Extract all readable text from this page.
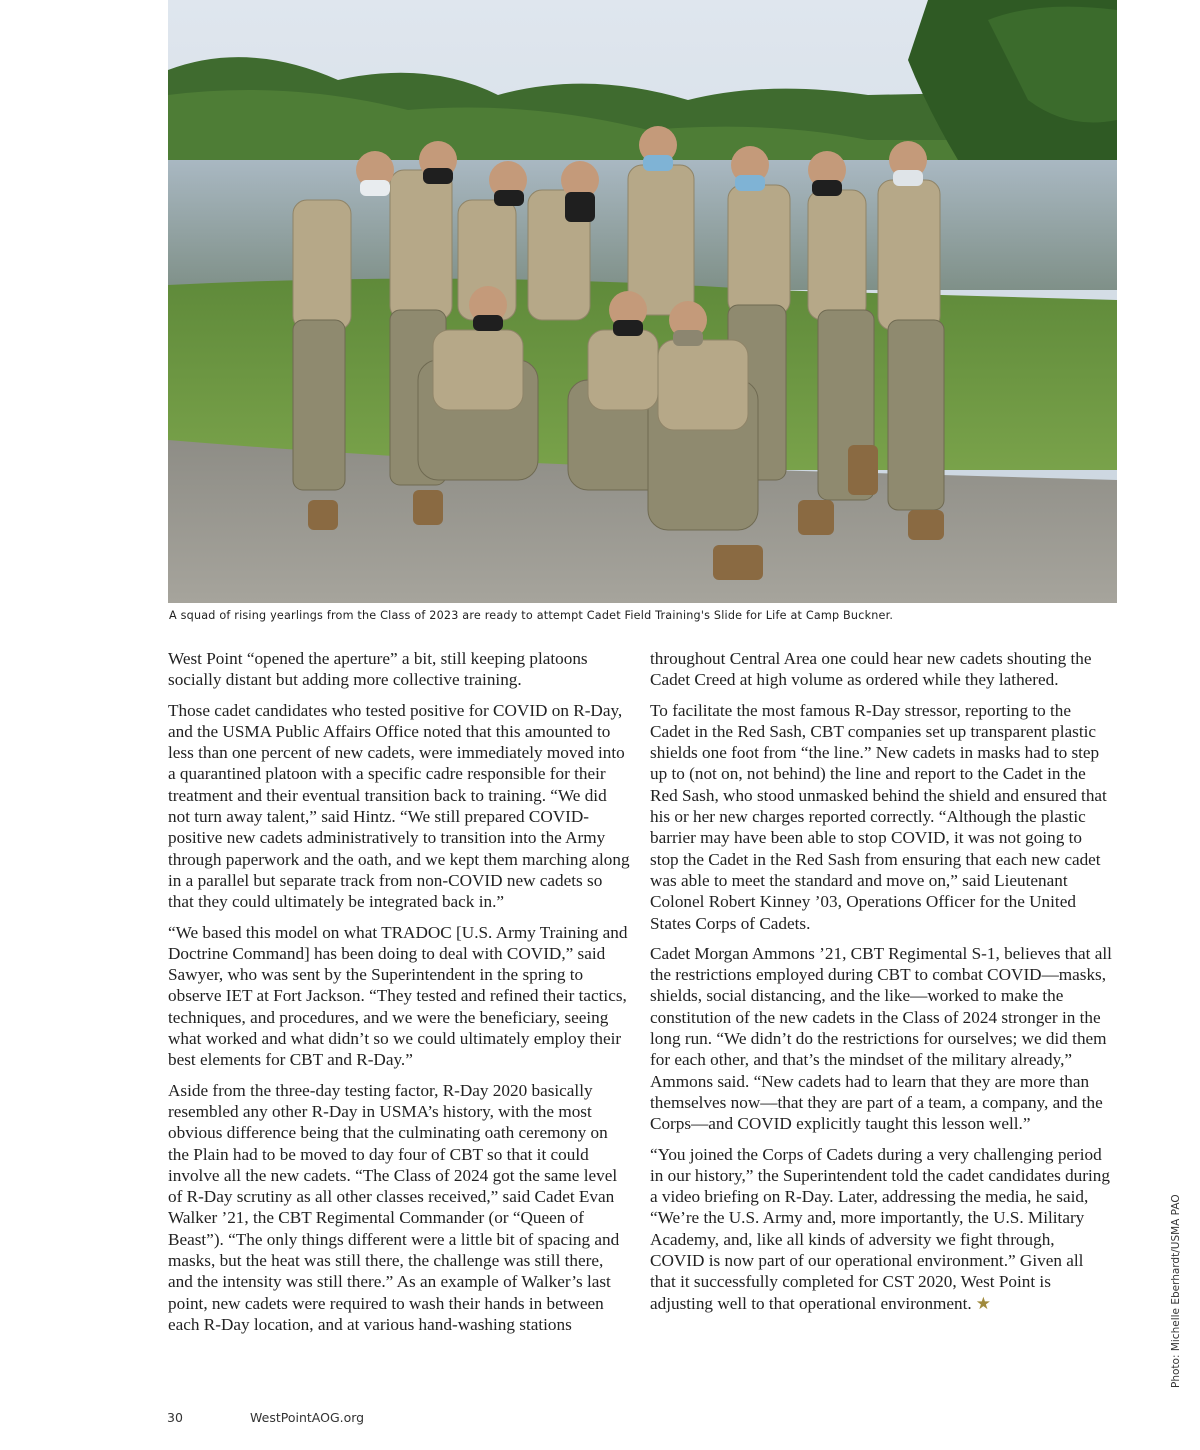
A squad of rising yearlings from the Class of 2023 are ready to attempt Cadet Field Training's Slide for Life at Camp Buckner.

West Point “opened the aperture” a bit, still keeping platoons socially distant but adding more collective training.

Those cadet candidates who tested positive for COVID on R-Day, and the USMA Public Affairs Office noted that this amounted to less than one percent of new cadets, were immediately moved into a quarantined platoon with a specific cadre responsible for their treatment and their eventual transition back to training. “We did not turn away talent,” said Hintz. “We still prepared COVID-positive new cadets administratively to transition into the Army through paperwork and the oath, and we kept them marching along in a parallel but separate track from non-COVID new cadets so that they could ultimately be integrated back in.”

“We based this model on what TRADOC [U.S. Army Training and Doctrine Command] has been doing to deal with COVID,” said Sawyer, who was sent by the Superintendent in the spring to observe IET at Fort Jackson. “They tested and refined their tactics, techniques, and procedures, and we were the beneficiary, seeing what worked and what didn’t so we could ultimately employ their best elements for CBT and R-Day.”

Aside from the three-day testing factor, R-Day 2020 basically resembled any other R-Day in USMA’s history, with the most obvious difference being that the culminating oath ceremony on the Plain had to be moved to day four of CBT so that it could involve all the new cadets. “The Class of 2024 got the same level of R-Day scrutiny as all other classes received,” said Cadet Evan Walker ’21, the CBT Regimental Commander (or “Queen of Beast”). “The only things different were a little bit of spacing and masks, but the heat was still there, the challenge was still there, and the intensity was still there.” As an example of Walker’s last point, new cadets were required to wash their hands in between each R-Day location, and at various hand-washing stations

throughout Central Area one could hear new cadets shouting the Cadet Creed at high volume as ordered while they lathered.

To facilitate the most famous R-Day stressor, reporting to the Cadet in the Red Sash, CBT companies set up transparent plastic shields one foot from “the line.” New cadets in masks had to step up to (not on, not behind) the line and report to the Cadet in the Red Sash, who stood unmasked behind the shield and ensured that his or her new charges reported correctly. “Although the plastic barrier may have been able to stop COVID, it was not going to stop the Cadet in the Red Sash from ensuring that each new cadet was able to meet the standard and move on,” said Lieutenant Colonel Robert Kinney ’03, Operations Officer for the United States Corps of Cadets.

Cadet Morgan Ammons ’21, CBT Regimental S-1, believes that all the restrictions employed during CBT to combat COVID—masks, shields, social distancing, and the like—worked to make the constitution of the new cadets in the Class of 2024 stronger in the long run. “We didn’t do the restrictions for ourselves; we did them for each other, and that’s the mindset of the military already,” Ammons said. “New cadets had to learn that they are more than themselves now—that they are part of a team, a company, and the Corps—and COVID explicitly taught this lesson well.”

“You joined the Corps of Cadets during a very challenging period in our history,” the Superintendent told the cadet candidates during a video briefing on R-Day. Later, addressing the media, he said, “We’re the U.S. Army and, more importantly, the U.S. Military Academy, and, like all kinds of adversity we fight through, COVID is now part of our operational environment.” Given all that it successfully completed for CST 2020, West Point is adjusting well to that operational environment. ★	Photo: Michelle Eberhardt/USMA PAO
30	WestPointAOG.org
